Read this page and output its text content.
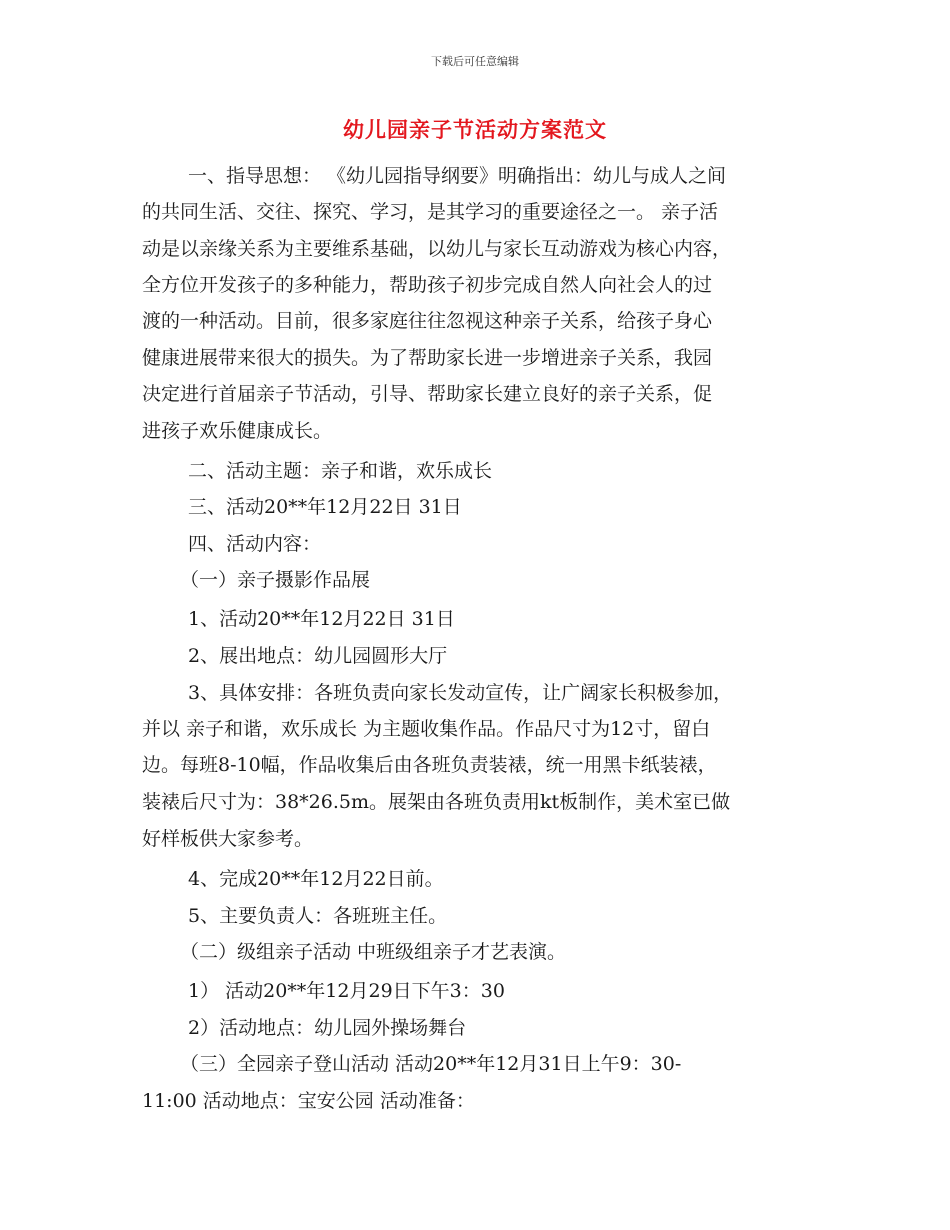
下载后可任意编辑
幼儿园亲子节活动方案范文
一、指导思想： 《幼儿园指导纲要》明确指出：幼儿与成人之间
的共同生活、交往、探究、学习，是其学习的重要途径之一。 亲子活
动是以亲缘关系为主要维系基础，以幼儿与家长互动游戏为核心内容，
全方位开发孩子的多种能力，帮助孩子初步完成自然人向社会人的过
渡的一种活动。目前，很多家庭往往忽视这种亲子关系，给孩子身心
健康进展带来很大的损失。为了帮助家长进一步增进亲子关系，我园
决定进行首届亲子节活动，引导、帮助家长建立良好的亲子关系，促
进孩子欢乐健康成长。
二、活动主题：亲子和谐，欢乐成长
三、活动20**年12月22日 31日
四、活动内容：
（一）亲子摄影作品展
1、活动20**年12月22日 31日
2、展出地点：幼儿园圆形大厅
3、具体安排：各班负责向家长发动宣传，让广阔家长积极参加，
并以 亲子和谐，欢乐成长 为主题收集作品。作品尺寸为12寸，留白
边。每班8-10幅，作品收集后由各班负责装裱，统一用黑卡纸装裱，
装裱后尺寸为：38*26.5m。展架由各班负责用kt板制作，美术室已做
好样板供大家参考。
4、完成20**年12月22日前。
5、主要负责人：各班班主任。
（二）级组亲子活动 中班级组亲子才艺表演。
1） 活动20**年12月29日下午3：30
2）活动地点：幼儿园外操场舞台
（三）全园亲子登山活动 活动20**年12月31日上午9：30-
11:00 活动地点：宝安公园 活动准备：
